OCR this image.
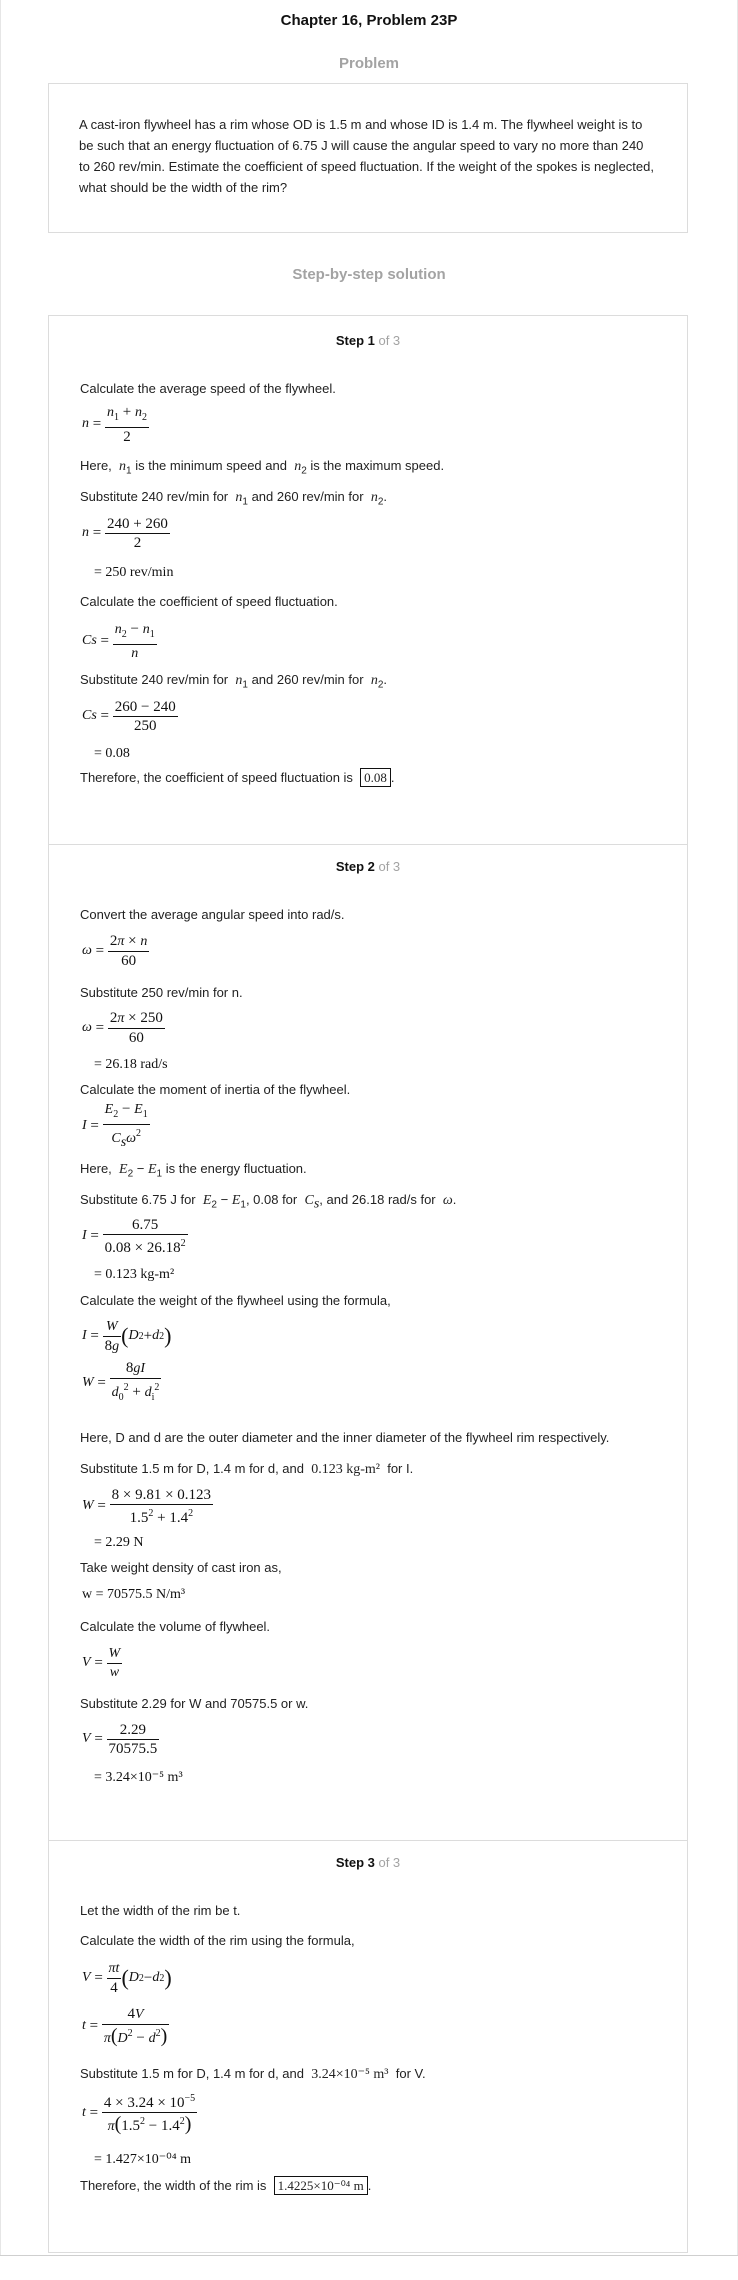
Chapter 16, Problem 23P
Problem
A cast-iron flywheel has a rim whose OD is 1.5 m and whose ID is 1.4 m. The flywheel weight is to be such that an energy fluctuation of 6.75 J will cause the angular speed to vary no more than 240 to 260 rev/min. Estimate the coefficient of speed fluctuation. If the weight of the spokes is neglected, what should be the width of the rim?
Step-by-step solution
Step 1 of 3
Calculate the average speed of the flywheel.
$n = \frac{n_1 + n_2}{2}$
Here, $n_1$ is the minimum speed and $n_2$ is the maximum speed.
Substitute 240 rev/min for $n_1$ and 260 rev/min for $n_2$.
$n = \frac{240 + 260}{2}$
= 250 rev/min
Calculate the coefficient of speed fluctuation.
C $s = \frac{n_2 - n_1}{n}$
Substitute 240 rev/min for $n_1$ and 260 rev/min for $n_2$.
C $s = \frac{260 - 240}{250}$
= 0.08
Therefore, the coefficient of speed fluctuation is 0.08 .
Step 2 of 3
Convert the average angular speed into rad/s.
$\omega = \frac{2\pi \times n}{60}$
Substitute 250 rev/min for n.
$\omega = \frac{2\pi \times 250}{60}$
= 26.18 rad/s
Calculate the moment of inertia of the flywheel.
$I = \frac{E_2 - E_1}{C_s\omega^2}$
Here, $E_2 - E_1$ is the energy fluctuation.
Substitute 6.75 J for $E_2 - E_1$, 0.08 for $C_s$, and 26.18 rad/s for ω.
$I = \frac{6.75}{0.08 \times 26.18^2}$
= 0.123 kg-m²
Calculate the weight of the flywheel using the formula,
$I = \frac{W}{8g}$ ( D 2 + d 2 )
$W = \frac{8gI}{d_0^2 + d_i^2}$
Here, D and d are the outer diameter and the inner diameter of the flywheel rim respectively.
Substitute 1.5 m for D, 1.4 m for d, and 0.123 kg-m² for I.
$W = \frac{8 \times 9.81 \times 0.123}{1.5^2 + 1.4^2}$
= 2.29 N
Take weight density of cast iron as,
w = 70575.5 N/m³
Calculate the volume of flywheel.
$V = \frac{W}{w}$
Substitute 2.29 for W and 70575.5 or w.
$V = \frac{2.29}{70575.5}$
= 3.24×10⁻⁵ m³
Step 3 of 3
Let the width of the rim be t.
Calculate the width of the rim using the formula,
$V = \frac{\pi t}{4}$ ( D 2 − d 2 )
$t = \frac{4V}{\pi(D^2 - d^2)}$
Substitute 1.5 m for D, 1.4 m for d, and 3.24×10⁻⁵ m³ for V.
$t = \frac{4 \times 3.24 \times 10^{-5}}{\pi(1.5^2 - 1.4^2)}$
= 1.427×10⁻⁰⁴ m
Therefore, the width of the rim is 1.4225×10⁻⁰⁴ m .
